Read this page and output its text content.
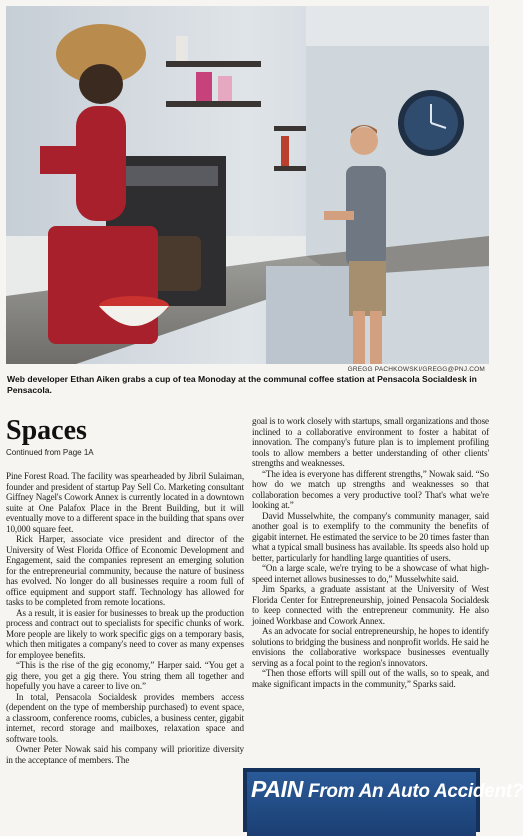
GREGG PACHKOWSKI/GREGG@PNJ.COM
Web developer Ethan Aiken grabs a cup of tea Monoday at the communal coffee station at Pensacola Socialdesk in Pensacola.
Spaces
Continued from Page 1A

Pine Forest Road. The facility was spearheaded by Jibril Sulaiman, founder and president of startup Pay Sell Co. Marketing consultant Giffney Nagel's Cowork Annex is currently located in a downtown suite at One Palafox Place in the Brent Building, but it will eventually move to a different space in the building that spans over 10,000 square feet.

Rick Harper, associate vice president and director of the University of West Florida Office of Economic Development and Engagement, said the companies represent an emerging solution for the entrepreneurial community, because the nature of business has evolved. No longer do all businesses require a room full of office equipment and support staff. Technology has allowed for tasks to be completed from remote locations.

As a result, it is easier for businesses to break up the production process and contract out to specialists for specific chunks of work. More people are likely to work specific gigs on a temporary basis, which then mitigates a company's need to cover as many expenses for employee benefits.

“This is the rise of the gig economy,” Harper said. “You get a gig there, you get a gig there. You string them all together and hopefully you have a career to live on.”

In total, Pensacola Socialdesk provides members access (dependent on the type of membership purchased) to event space, a classroom, conference rooms, cubicles, a business center, gigabit internet, record storage and mailboxes, relaxation space and software tools.

Owner Peter Nowak said his company will prioritize diversity in the acceptance of members. The

goal is to work closely with startups, small organizations and those inclined to a collaborative environment to foster a habitat of innovation. The company's future plan is to implement profiling tools to allow members a better understanding of other clients' strengths and weaknesses.

“The idea is everyone has different strengths,” Nowak said. “So how do we match up strengths and weaknesses so that collaboration becomes a very productive tool? That's what we're looking at.”

David Musselwhite, the company's community manager, said another goal is to exemplify to the community the benefits of gigabit internet. He estimated the service to be 20 times faster than what a typical small business has available. Its speeds also hold up better, particularly for handling large quantities of users.

“On a large scale, we're trying to be a showcase of what high-speed internet allows businesses to do,” Musselwhite said.

Jim Sparks, a graduate assistant at the University of West Florida Center for Entrepreneurship, joined Pensacola Socialdesk to keep connected with the entrepreneur community. He also joined Workbase and Cowork Annex.

As an advocate for social entrepreneurship, he hopes to identify solutions to bridging the business and nonprofit worlds. He said he envisions the collaborative workspace businesses eventually serving as a focal point to the region's innovators.

“Then those efforts will spill out of the walls, so to speak, and make significant impacts in the community,” Sparks said.

PAIN From An Auto Accident?
